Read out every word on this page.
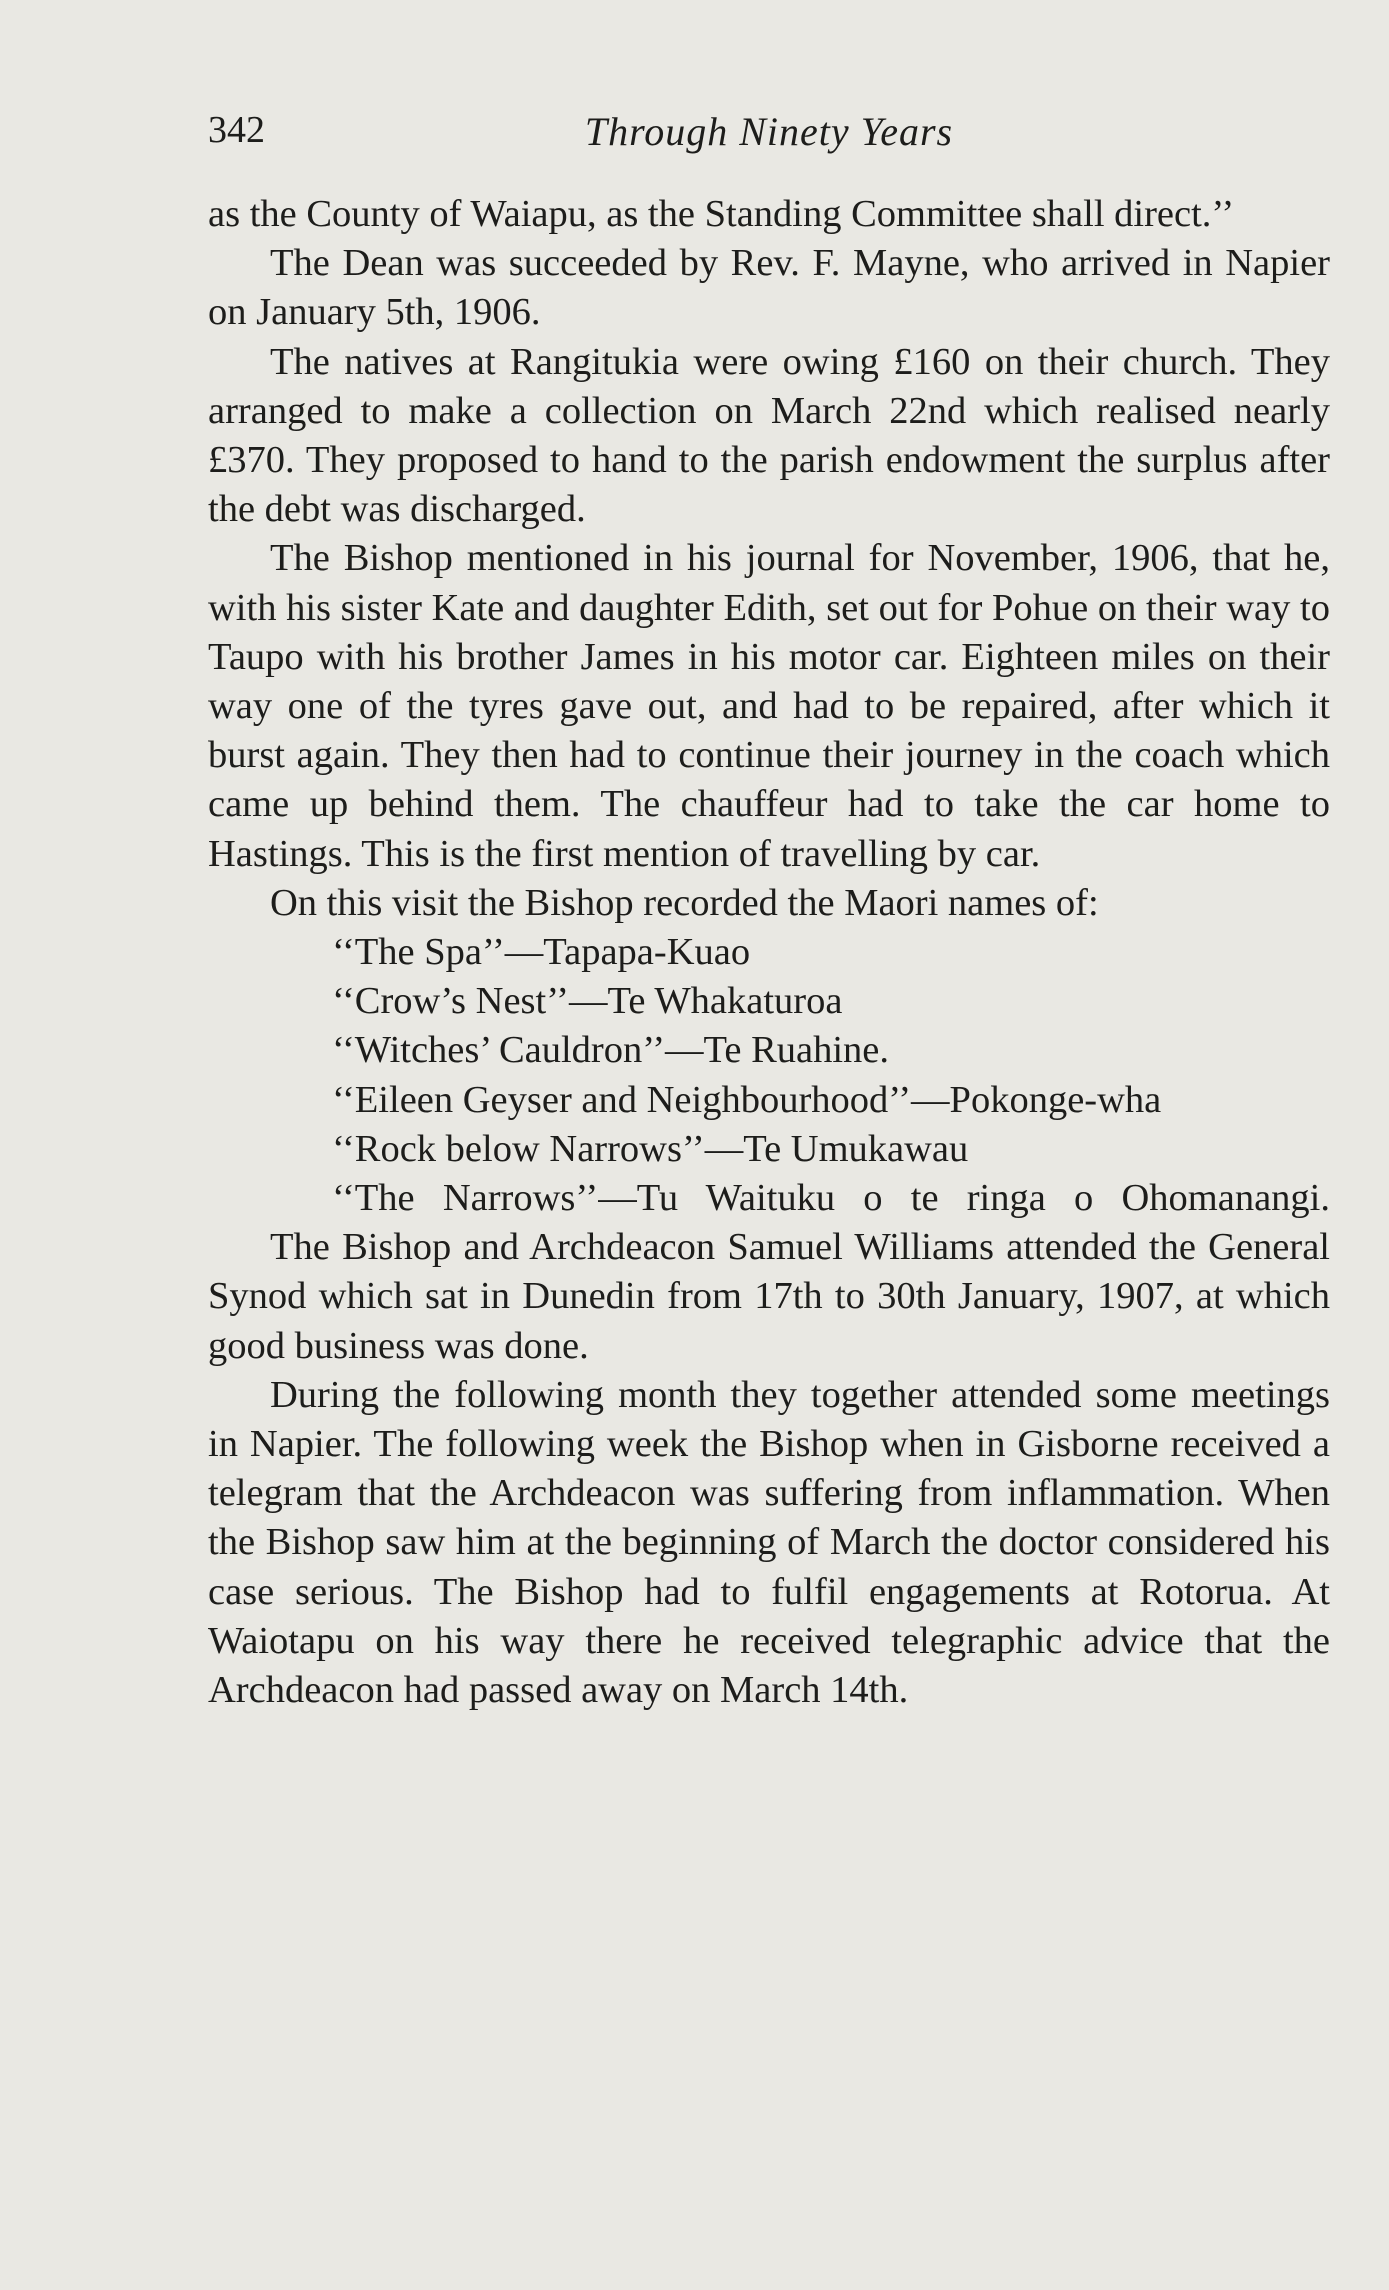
342	Through Ninety Years

as the County of Waiapu, as the Standing Committee shall direct.’’

The Dean was succeeded by Rev. F. Mayne, who arrived in Napier on January 5th, 1906.

The natives at Rangitukia were owing £160 on their church. They arranged to make a collection on March 22nd which realised nearly £370. They proposed to hand to the parish endowment the surplus after the debt was discharged.

The Bishop mentioned in his journal for November, 1906, that he, with his sister Kate and daughter Edith, set out for Pohue on their way to Taupo with his brother James in his motor car. Eighteen miles on their way one of the tyres gave out, and had to be repaired, after which it burst again. They then had to continue their journey in the coach which came up behind them. The chauffeur had to take the car home to Hastings. This is the first mention of travelling by car.

On this visit the Bishop recorded the Maori names of:

‘‘The Spa’’—Tapapa-Kuao
‘‘Crow’s Nest’’—Te Whakaturoa
‘‘Witches’ Cauldron’’—Te Ruahine.
‘‘Eileen Geyser and Neighbourhood’’—Pokonge-wha
‘‘Rock below Narrows’’—Te Umukawau
‘‘The Narrows’’—Tu Waituku o te ringa o Ohomanangi.

The Bishop and Archdeacon Samuel Williams attended the General Synod which sat in Dunedin from 17th to 30th January, 1907, at which good business was done.

During the following month they together attended some meetings in Napier. The following week the Bishop when in Gisborne received a telegram that the Archdeacon was suffering from inflammation. When the Bishop saw him at the beginning of March the doctor considered his case serious. The Bishop had to fulfil engagements at Rotorua. At Waiotapu on his way there he received telegraphic advice that the Archdeacon had passed away on March 14th.
